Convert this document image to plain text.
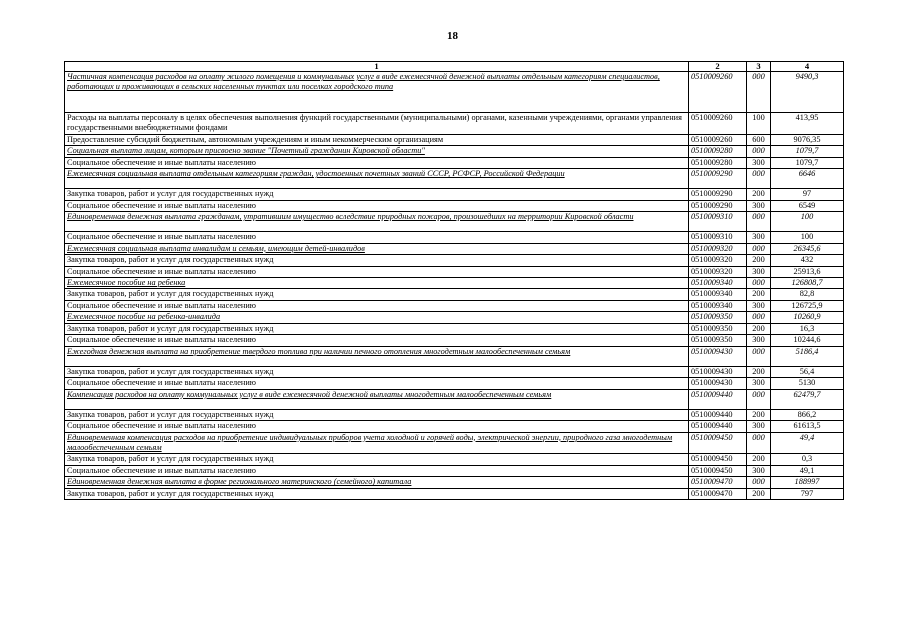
18
1	2	3	4
Частичная компенсация расходов на оплату жилого помещения и коммунальных услуг в виде ежемесячной денежной выплаты отдельным категориям специалистов, работающих и проживающих в сельских населенных пунктах или поселках городского типа	0510009260	000	9490,3
Расходы на выплаты персоналу в целях обеспечения выполнения функций государственными (муниципальными) органами, казенными учреждениями, органами управления государственными внебюджетными фондами	0510009260	100	413,95
Предоставление субсидий бюджетным, автономным учреждениям и иным некоммерческим организациям	0510009260	600	9076,35
Социальная выплата лицам, которым присвоено звание "Почетный гражданин Кировской области"	0510009280	000	1079,7
Социальное обеспечение и иные выплаты населению	0510009280	300	1079,7
Ежемесячная социальная выплата отдельным категориям граждан, удостоенных почетных званий СССР, РСФСР, Российской Федерации	0510009290	000	6646
Закупка товаров, работ и услуг для государственных нужд	0510009290	200	97
Социальное обеспечение и иные выплаты населению	0510009290	300	6549
Единовременная денежная выплата гражданам, утратившим имущество вследствие природных пожаров, произошедших на территории Кировской области	0510009310	000	100
Социальное обеспечение и иные выплаты населению	0510009310	300	100
Ежемесячная социальная выплата инвалидам и семьям, имеющим детей-инвалидов	0510009320	000	26345,6
Закупка товаров, работ и услуг для государственных нужд	0510009320	200	432
Социальное обеспечение и иные выплаты населению	0510009320	300	25913,6
Ежемесячное пособие на ребенка	0510009340	000	126808,7
Закупка товаров, работ и услуг для государственных нужд	0510009340	200	82,8
Социальное обеспечение и иные выплаты населению	0510009340	300	126725,9
Ежемесячное пособие на ребенка-инвалида	0510009350	000	10260,9
Закупка товаров, работ и услуг для государственных нужд	0510009350	200	16,3
Социальное обеспечение и иные выплаты населению	0510009350	300	10244,6
Ежегодная денежная выплата на приобретение твердого топлива при наличии печного отопления многодетным малообеспеченным семьям	0510009430	000	5186,4
Закупка товаров, работ и услуг для государственных нужд	0510009430	200	56,4
Социальное обеспечение и иные выплаты населению	0510009430	300	5130
Компенсация расходов на оплату коммунальных услуг в виде ежемесячной денежной выплаты многодетным малообеспеченным семьям	0510009440	000	62479,7
Закупка товаров, работ и услуг для государственных нужд	0510009440	200	866,2
Социальное обеспечение и иные выплаты населению	0510009440	300	61613,5
Единовременная компенсация расходов на приобретение индивидуальных приборов учета холодной и горячей воды, электрической энергии, природного газа многодетным малообеспеченным семьям	0510009450	000	49,4
Закупка товаров, работ и услуг для государственных нужд	0510009450	200	0,3
Социальное обеспечение и иные выплаты населению	0510009450	300	49,1
Единовременная денежная выплата в форме регионального материнского (семейного) капитала	0510009470	000	188997
Закупка товаров, работ и услуг для государственных нужд	0510009470	200	797
